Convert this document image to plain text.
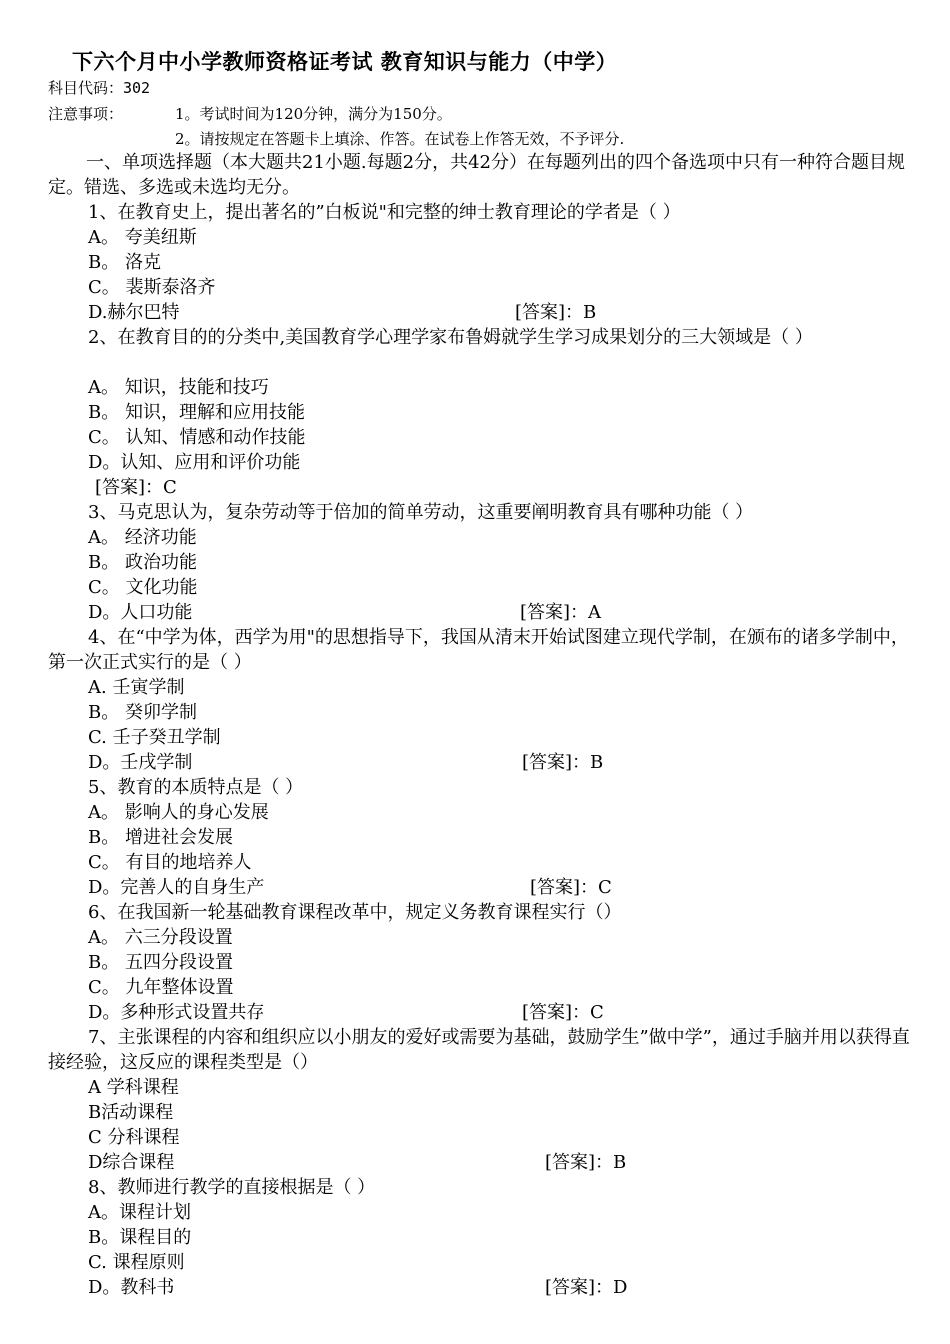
下六个月中小学教师资格证考试 教育知识与能力（中学）
科目代码：302
注意事项：	1。考试时间为120分钟，满分为150分。
2。请按规定在答题卡上填涂、作答。在试卷上作答无效，不予评分.
一、单项选择题（本大题共21小题.每题2分，共42分）在每题列出的四个备选项中只有一种符合题目规定。错选、多选或未选均无分。
1、在教育史上，提出著名的”白板说"和完整的绅士教育理论的学者是（ ）
A。 夸美纽斯
B。 洛克
C。 裴斯泰洛齐
D.赫尔巴特	[答案]：B
2、在教育目的的分类中,美国教育学心理学家布鲁姆就学生学习成果划分的三大领域是（ ）
A。 知识，技能和技巧
B。 知识，理解和应用技能
C。 认知、情感和动作技能
D。认知、应用和评价功能
[答案]：C
3、马克思认为，复杂劳动等于倍加的简单劳动，这重要阐明教育具有哪种功能（ ）
A。 经济功能
B。 政治功能
C。 文化功能
D。人口功能	[答案]：A
4、在“中学为体，西学为用"的思想指导下，我国从清末开始试图建立现代学制，在颁布的诸多学制中，第一次正式实行的是（ ）
A. 壬寅学制
B。 癸卯学制
C. 壬子癸丑学制
D。壬戌学制	[答案]：B
5、教育的本质特点是（ ）
A。 影响人的身心发展
B。 增进社会发展
C。 有目的地培养人
D。完善人的自身生产	[答案]：C
6、在我国新一轮基础教育课程改革中，规定义务教育课程实行（）
A。 六三分段设置
B。 五四分段设置
C。 九年整体设置
D。多种形式设置共存	[答案]：C
7、主张课程的内容和组织应以小朋友的爱好或需要为基础，鼓励学生”做中学”，通过手脑并用以获得直接经验，这反应的课程类型是（）
A 学科课程
B活动课程
C 分科课程
D综合课程	[答案]：B
8、教师进行教学的直接根据是（ ）
A。课程计划
B。课程目的
C. 课程原则
D。教科书	[答案]：D
